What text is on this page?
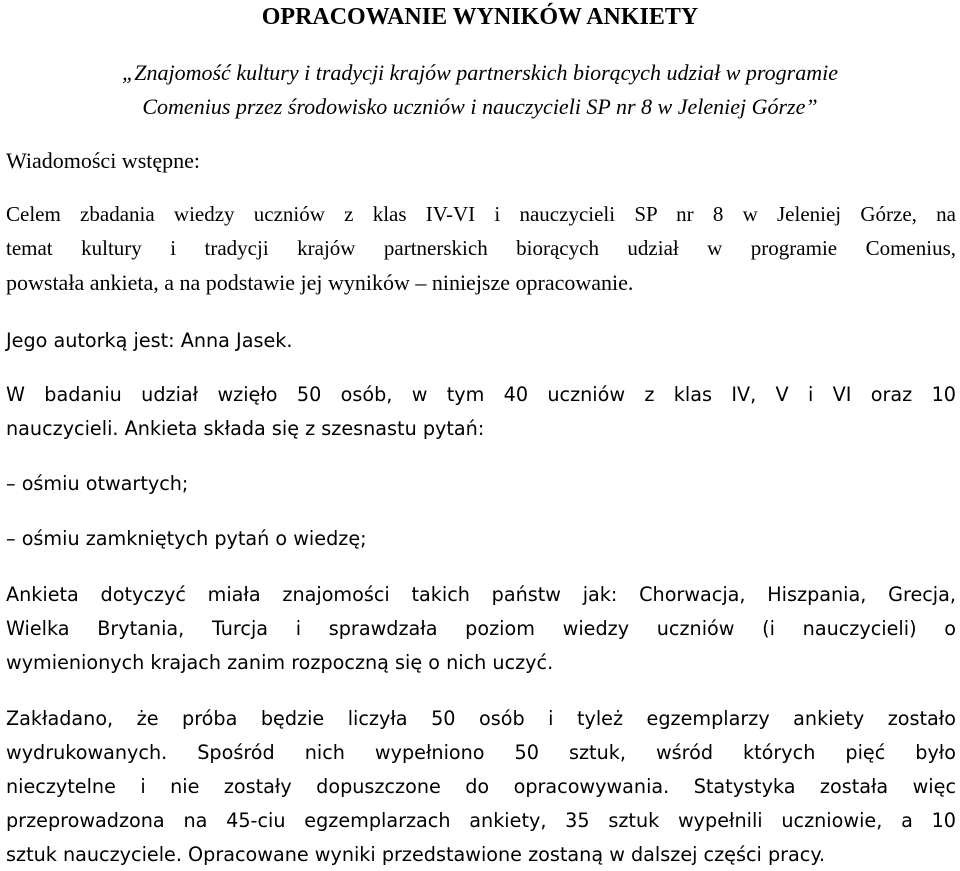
OPRACOWANIE WYNIKÓW ANKIETY
„Znajomość kultury i tradycji krajów partnerskich biorących udział w programie
Comenius przez środowisko uczniów i nauczycieli SP nr 8 w Jeleniej Górze”
Wiadomości wstępne:
Celem zbadania wiedzy uczniów z klas IV-VI i nauczycieli SP nr 8 w Jeleniej Górze, na
temat kultury i tradycji krajów partnerskich biorących udział w programie Comenius,
powstała ankieta, a na podstawie jej wyników – niniejsze opracowanie.
Jego autorką jest: Anna Jasek.
W badaniu udział wzięło 50 osób, w tym 40 uczniów z klas IV, V i VI oraz 10
nauczycieli. Ankieta składa się z szesnastu pytań:
– ośmiu otwartych;
– ośmiu zamkniętych pytań o wiedzę;
Ankieta dotyczyć miała znajomości takich państw jak: Chorwacja, Hiszpania, Grecja,
Wielka Brytania, Turcja i sprawdzała poziom wiedzy uczniów (i nauczycieli) o
wymienionych krajach zanim rozpoczną się o nich uczyć.
Zakładano, że próba będzie liczyła 50 osób i tyleż egzemplarzy ankiety zostało
wydrukowanych. Spośród nich wypełniono 50 sztuk, wśród których pięć było
nieczytelne i nie zostały dopuszczone do opracowywania. Statystyka została więc
przeprowadzona na 45-ciu egzemplarzach ankiety, 35 sztuk wypełnili uczniowie, a 10
sztuk nauczyciele. Opracowane wyniki przedstawione zostaną w dalszej części pracy.
